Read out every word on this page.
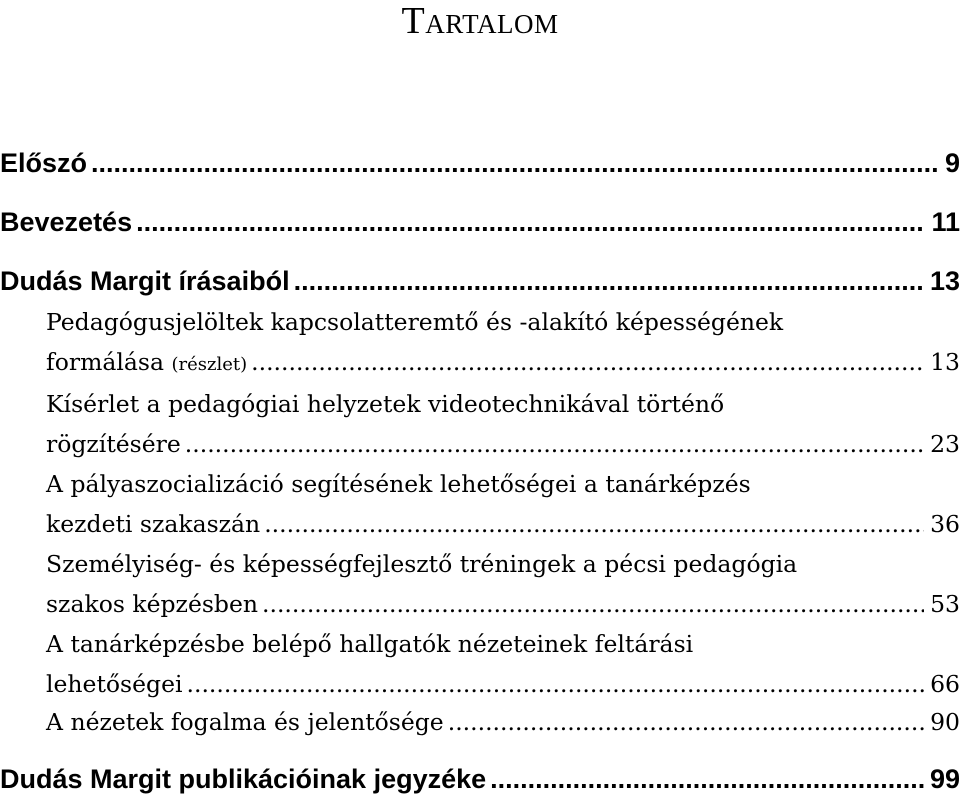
Tartalom
Előszó .....	9
Bevezetés .....	11
Dudás Margit írásaiból .....	13
Pedagógusjelöltek kapcsolatteremtő és -alakító képességének
formálása (részlet) .....	13
Kísérlet a pedagógiai helyzetek videotechnikával történő
rögzítésére .....	23
A pályaszocializáció segítésének lehetőségei a tanárképzés
kezdeti szakaszán .....	36
Személyiség- és képességfejlesztő tréningek a pécsi pedagógia
szakos képzésben .....	53
A tanárképzésbe belépő hallgatók nézeteinek feltárási
lehetőségei .....	66
A nézetek fogalma és jelentősége .....	90
Dudás Margit publikációinak jegyzéke .....	99
